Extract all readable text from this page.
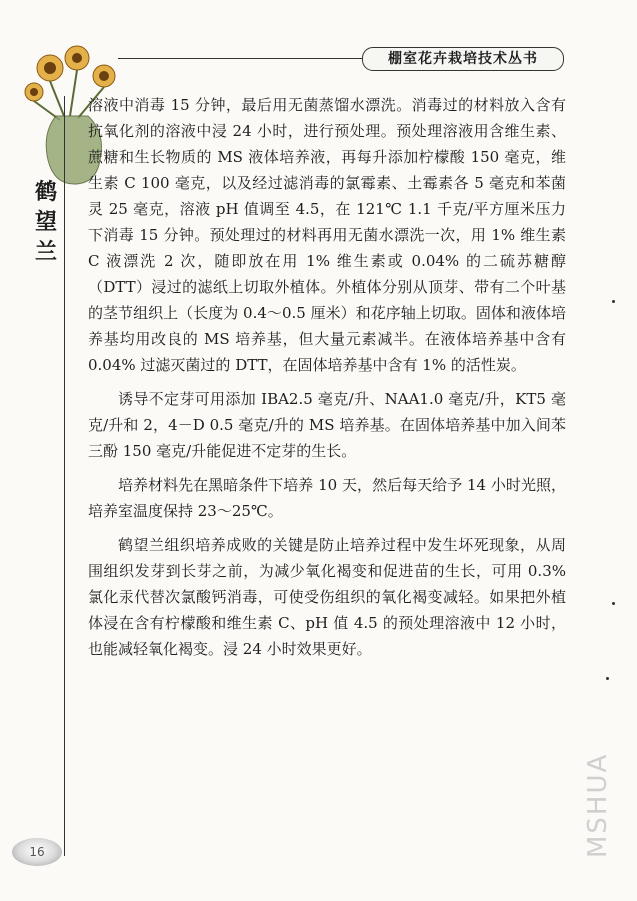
棚室花卉栽培技术丛书
鹤
望
兰

溶液中消毒 15 分钟，最后用无菌蒸馏水漂洗。消毒过的材料放入含有抗氧化剂的溶液中浸 24 小时，进行预处理。预处理溶液用含维生素、蔗糖和生长物质的 MS 液体培养液，再每升添加柠檬酸 150 毫克，维生素 C 100 毫克，以及经过滤消毒的氯霉素、土霉素各 5 毫克和苯菌灵 25 毫克，溶液 pH 值调至 4.5，在 121℃ 1.1 千克/平方厘米压力下消毒 15 分钟。预处理过的材料再用无菌水漂洗一次，用 1% 维生素 C 液漂洗 2 次，随即放在用 1% 维生素或 0.04% 的二硫苏糖醇（DTT）浸过的滤纸上切取外植体。外植体分别从顶芽、带有二个叶基的茎节组织上（长度为 0.4～0.5 厘米）和花序轴上切取。固体和液体培养基均用改良的 MS 培养基，但大量元素减半。在液体培养基中含有 0.04% 过滤灭菌过的 DTT，在固体培养基中含有 1% 的活性炭。

诱导不定芽可用添加 IBA2.5 毫克/升、NAA1.0 毫克/升，KT5 毫克/升和 2，4－D 0.5 毫克/升的 MS 培养基。在固体培养基中加入间苯三酚 150 毫克/升能促进不定芽的生长。

培养材料先在黑暗条件下培养 10 天，然后每天给予 14 小时光照，培养室温度保持 23～25℃。

鹤望兰组织培养成败的关键是防止培养过程中发生坏死现象，从周围组织发芽到长芽之前，为减少氧化褐变和促进苗的生长，可用 0.3% 氯化汞代替次氯酸钙消毒，可使受伤组织的氧化褐变减轻。如果把外植体浸在含有柠檬酸和维生素 C、pH 值 4.5 的预处理溶液中 12 小时，也能减轻氧化褐变。浸 24 小时效果更好。

16	MSHUA
